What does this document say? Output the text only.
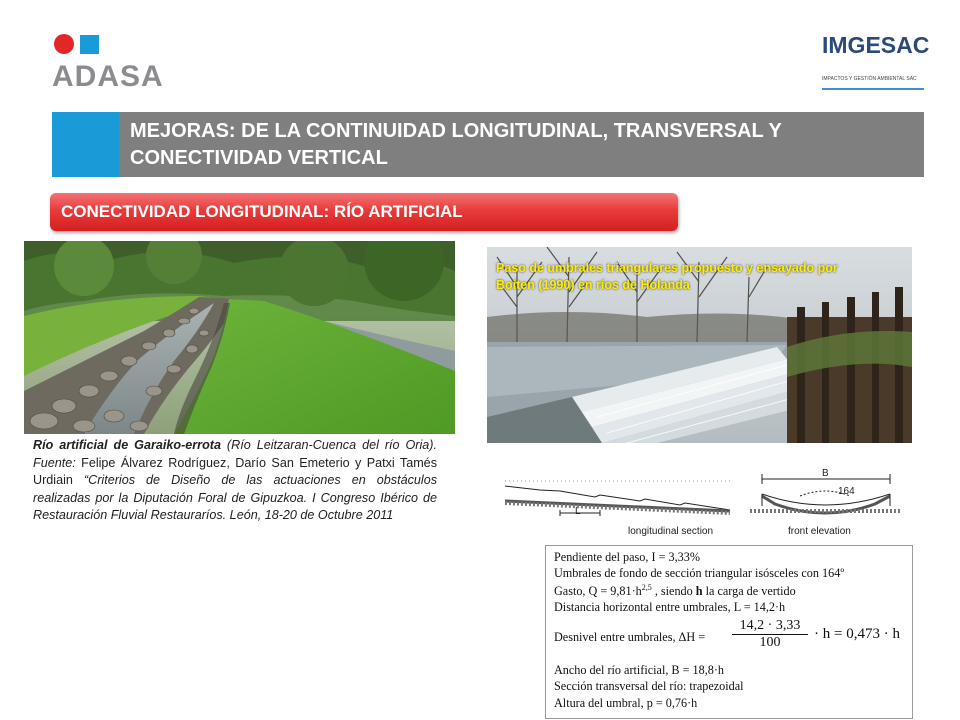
ADASA
IMGESAC
IMPACTOS Y GESTIÓN AMBIENTAL SAC
MEJORAS: DE LA CONTINUIDAD LONGITUDINAL, TRANSVERSAL Y CONECTIVIDAD VERTICAL
CONECTIVIDAD LONGITUDINAL: RÍO ARTIFICIAL
Paso de umbrales triangulares propuesto y ensayado por Boiten (1990) en ríos de Holanda
Río artificial de Garaiko-errota (Río Leitzaran-Cuenca del río Oria). Fuente: Felipe Álvarez Rodríguez, Darío San Emeterio y Patxi Tamés Urdiain “Criterios de Diseño de las actuaciones en obstáculos realizadas por la Diputación Foral de Gipuzkoa. I Congreso Ibérico de Restauración Fluvial Restauraríos. León, 18-20 de Octubre 2011	L
B
164
longitudinal section	front elevation
Pendiente del paso, I = 3,33%
Umbrales de fondo de sección triangular isósceles con 164º
Gasto, $Q = 9,81\cdot h^{2,5}$ , siendo h la carga de vertido
Distancia horizontal entre umbrales, L = 14,2·h
Desnivel entre umbrales, ΔH =
14,2 · 3,33
100
· h = 0,473 · h
Ancho del río artificial, B = 18,8·h
Sección transversal del río: trapezoidal
Altura del umbral, p = 0,76·h
